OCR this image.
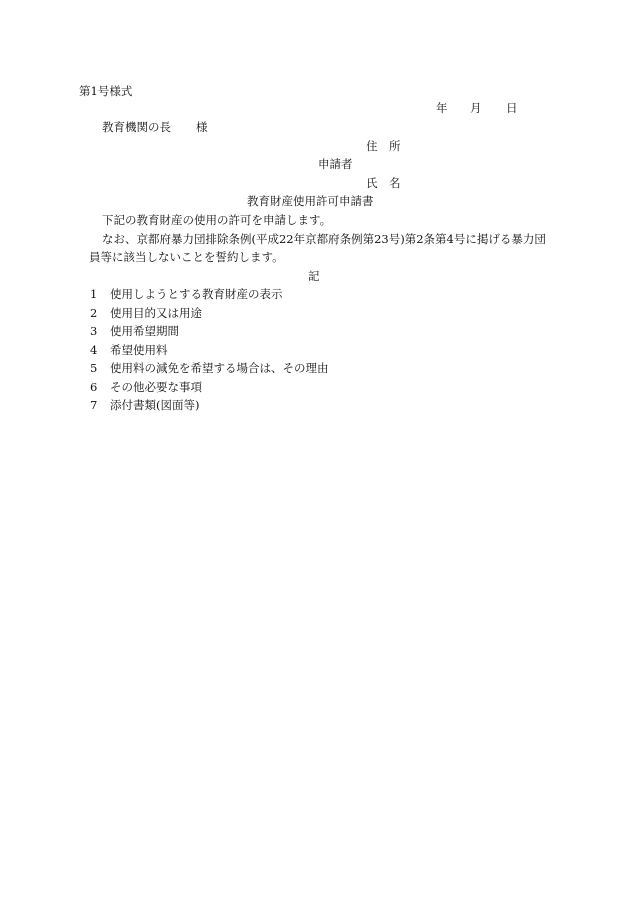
第1号様式
年 月 日
教育機関の長 様
住　所
申請者
氏　名
教育財産使用許可申請書
下記の教育財産の使用の許可を申請します。
なお、京都府暴力団排除条例(平成22年京都府条例第23号)第2条第4号に掲げる暴力団
員等に該当しないことを誓約します。
記
1 使用しようとする教育財産の表示
2 使用目的又は用途
3 使用希望期間
4 希望使用料
5 使用料の減免を希望する場合は、その理由
6 その他必要な事項
7 添付書類(図面等)
